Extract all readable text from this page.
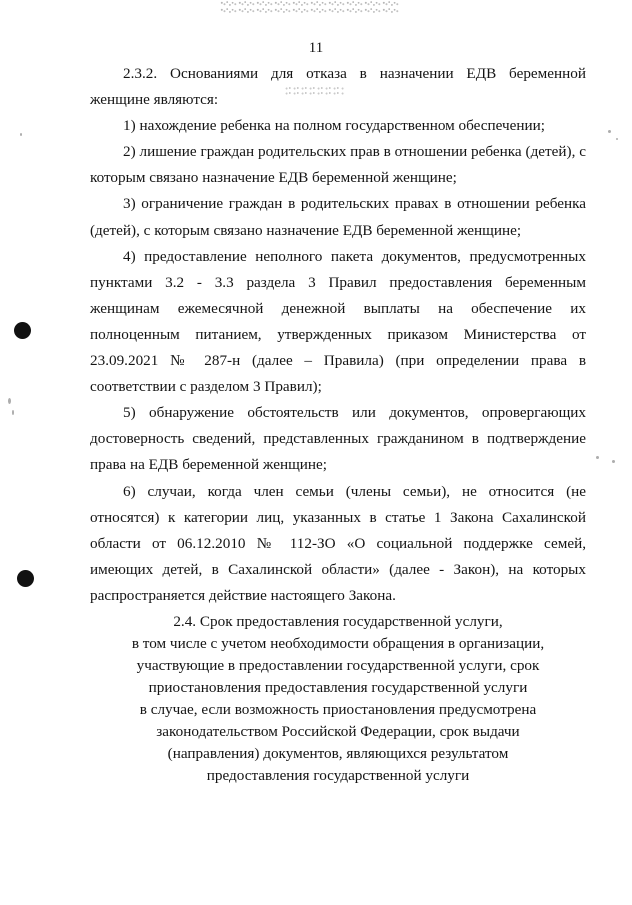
11

2.3.2. Основаниями для отказа в назначении ЕДВ беременной женщине являются:

1) нахождение ребенка на полном государственном обеспечении;

2) лишение граждан родительских прав в отношении ребенка (детей), с которым связано назначение ЕДВ беременной женщине;

3) ограничение граждан в родительских правах в отношении ребенка (детей), с которым связано назначение ЕДВ беременной женщине;

4) предоставление неполного пакета документов, предусмотренных пунктами 3.2 - 3.3 раздела 3 Правил предоставления беременным женщинам ежемесячной денежной выплаты на обеспечение их полноценным питанием, утвержденных приказом Министерства от 23.09.2021 № 287-н (далее – Правила) (при определении права в соответствии с разделом 3 Правил);

5) обнаружение обстоятельств или документов, опровергающих достоверность сведений, представленных гражданином в подтверждение права на ЕДВ беременной женщине;

6) случаи, когда член семьи (члены семьи), не относится (не относятся) к категории лиц, указанных в статье 1 Закона Сахалинской области от 06.12.2010 № 112-ЗО «О социальной поддержке семей, имеющих детей, в Сахалинской области» (далее - Закон), на которых распространяется действие настоящего Закона.

2.4. Срок предоставления государственной услуги,
в том числе с учетом необходимости обращения в организации,
участвующие в предоставлении государственной услуги, срок
приостановления предоставления государственной услуги
в случае, если возможность приостановления предусмотрена
законодательством Российской Федерации, срок выдачи
(направления) документов, являющихся результатом
предоставления государственной услуги
